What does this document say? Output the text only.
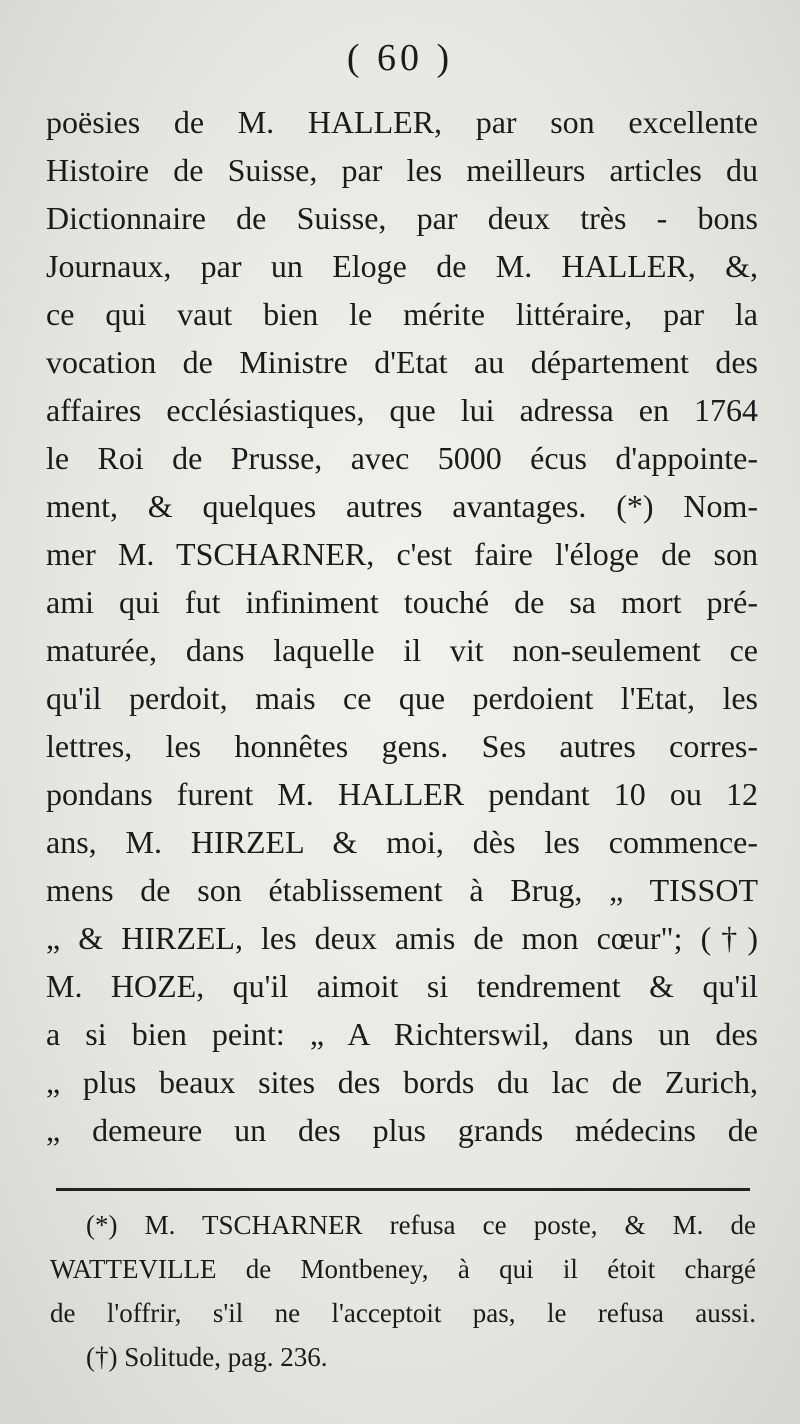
( 60 )
poësies de M. HALLER, par son excellente
Histoire de Suisse, par les meilleurs articles du
Dictionnaire de Suisse, par deux très - bons
Journaux, par un Eloge de M. HALLER, &,
ce qui vaut bien le mérite littéraire, par la
vocation de Ministre d'Etat au département des
affaires ecclésiastiques, que lui adressa en 1764
le Roi de Prusse, avec 5000 écus d'appointe-
ment, & quelques autres avantages. (*) Nom-
mer M. TSCHARNER, c'est faire l'éloge de son
ami qui fut infiniment touché de sa mort pré-
maturée, dans laquelle il vit non-seulement ce
qu'il perdoit, mais ce que perdoient l'Etat, les
lettres, les honnêtes gens. Ses autres corres-
pondans furent M. HALLER pendant 10 ou 12
ans, M. HIRZEL & moi, dès les commence-
mens de son établissement à Brug, „ TISSOT
„ & HIRZEL, les deux amis de mon cœur"; (†)
M. HOZE, qu'il aimoit si tendrement & qu'il
a si bien peint: „ A Richterswil, dans un des
„ plus beaux sites des bords du lac de Zurich,
„ demeure un des plus grands médecins de
(*) M. TSCHARNER refusa ce poste, & M. de
WATTEVILLE de Montbeney, à qui il étoit chargé
de l'offrir, s'il ne l'acceptoit pas, le refusa aussi.
(†) Solitude, pag. 236.
